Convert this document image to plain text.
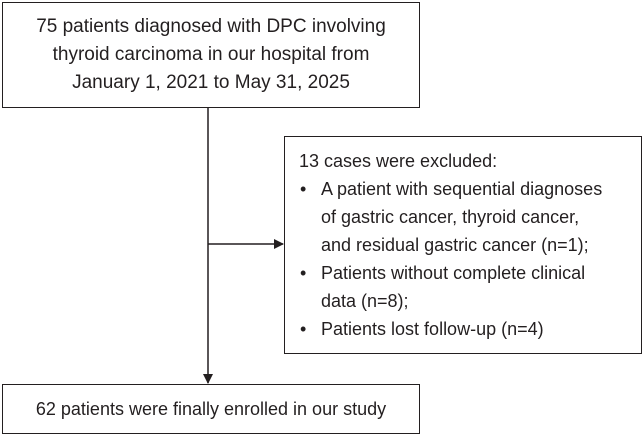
75 patients diagnosed with DPC involving
thyroid carcinoma in our hospital from
January 1, 2021 to May 31, 2025
13 cases were excluded:
• A patient with sequential diagnoses
of gastric cancer, thyroid cancer,
and residual gastric cancer (n=1);
• Patients without complete clinical
data (n=8);
• Patients lost follow-up (n=4)
62 patients were finally enrolled in our study
